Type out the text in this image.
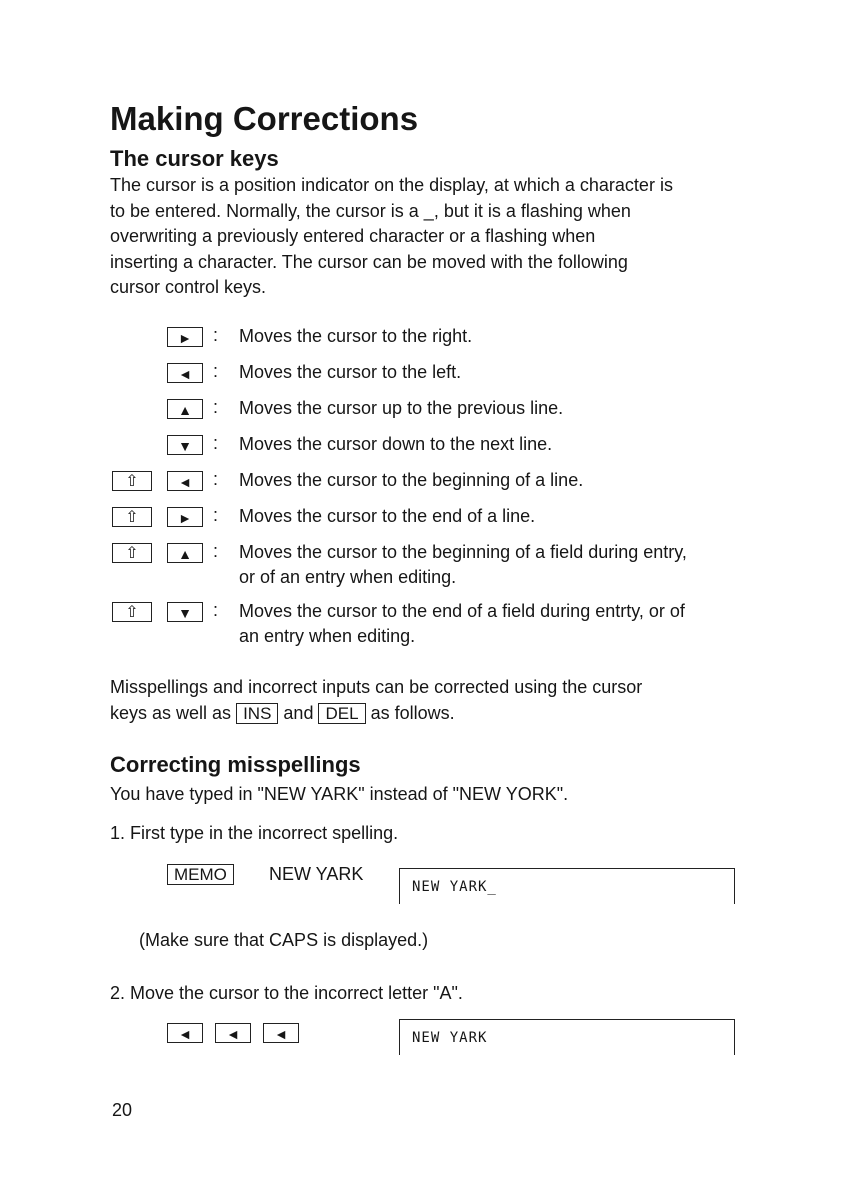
Making Corrections
The cursor keys
The cursor is a position indicator on the display, at which a character is
to be entered. Normally, the cursor is a _, but it is a flashing when
overwriting a previously entered character or a flashing when
inserting a character. The cursor can be moved with the following
cursor control keys.
►	: Moves the cursor to the right.
◄	: Moves the cursor to the left.
▲	: Moves the cursor up to the previous line.
▼	: Moves the cursor down to the next line.
⇧	◄	: Moves the cursor to the beginning of a line.
⇧	►	: Moves the cursor to the end of a line.
⇧	▲	: Moves the cursor to the beginning of a field during entry,
or of an entry when editing.
⇧	▼	: Moves the cursor to the end of a field during entrty, or of
an entry when editing.
Misspellings and incorrect inputs can be corrected using the cursor
keys as well as INS and DEL as follows.
Correcting misspellings
You have typed in "NEW YARK" instead of "NEW YORK".
1. First type in the incorrect spelling.
MEMO	NEW YARK
NEW YARK_
(Make sure that CAPS is displayed.)
2. Move the cursor to the incorrect letter "A".
◄	◄	◄	NEW YARK
20
